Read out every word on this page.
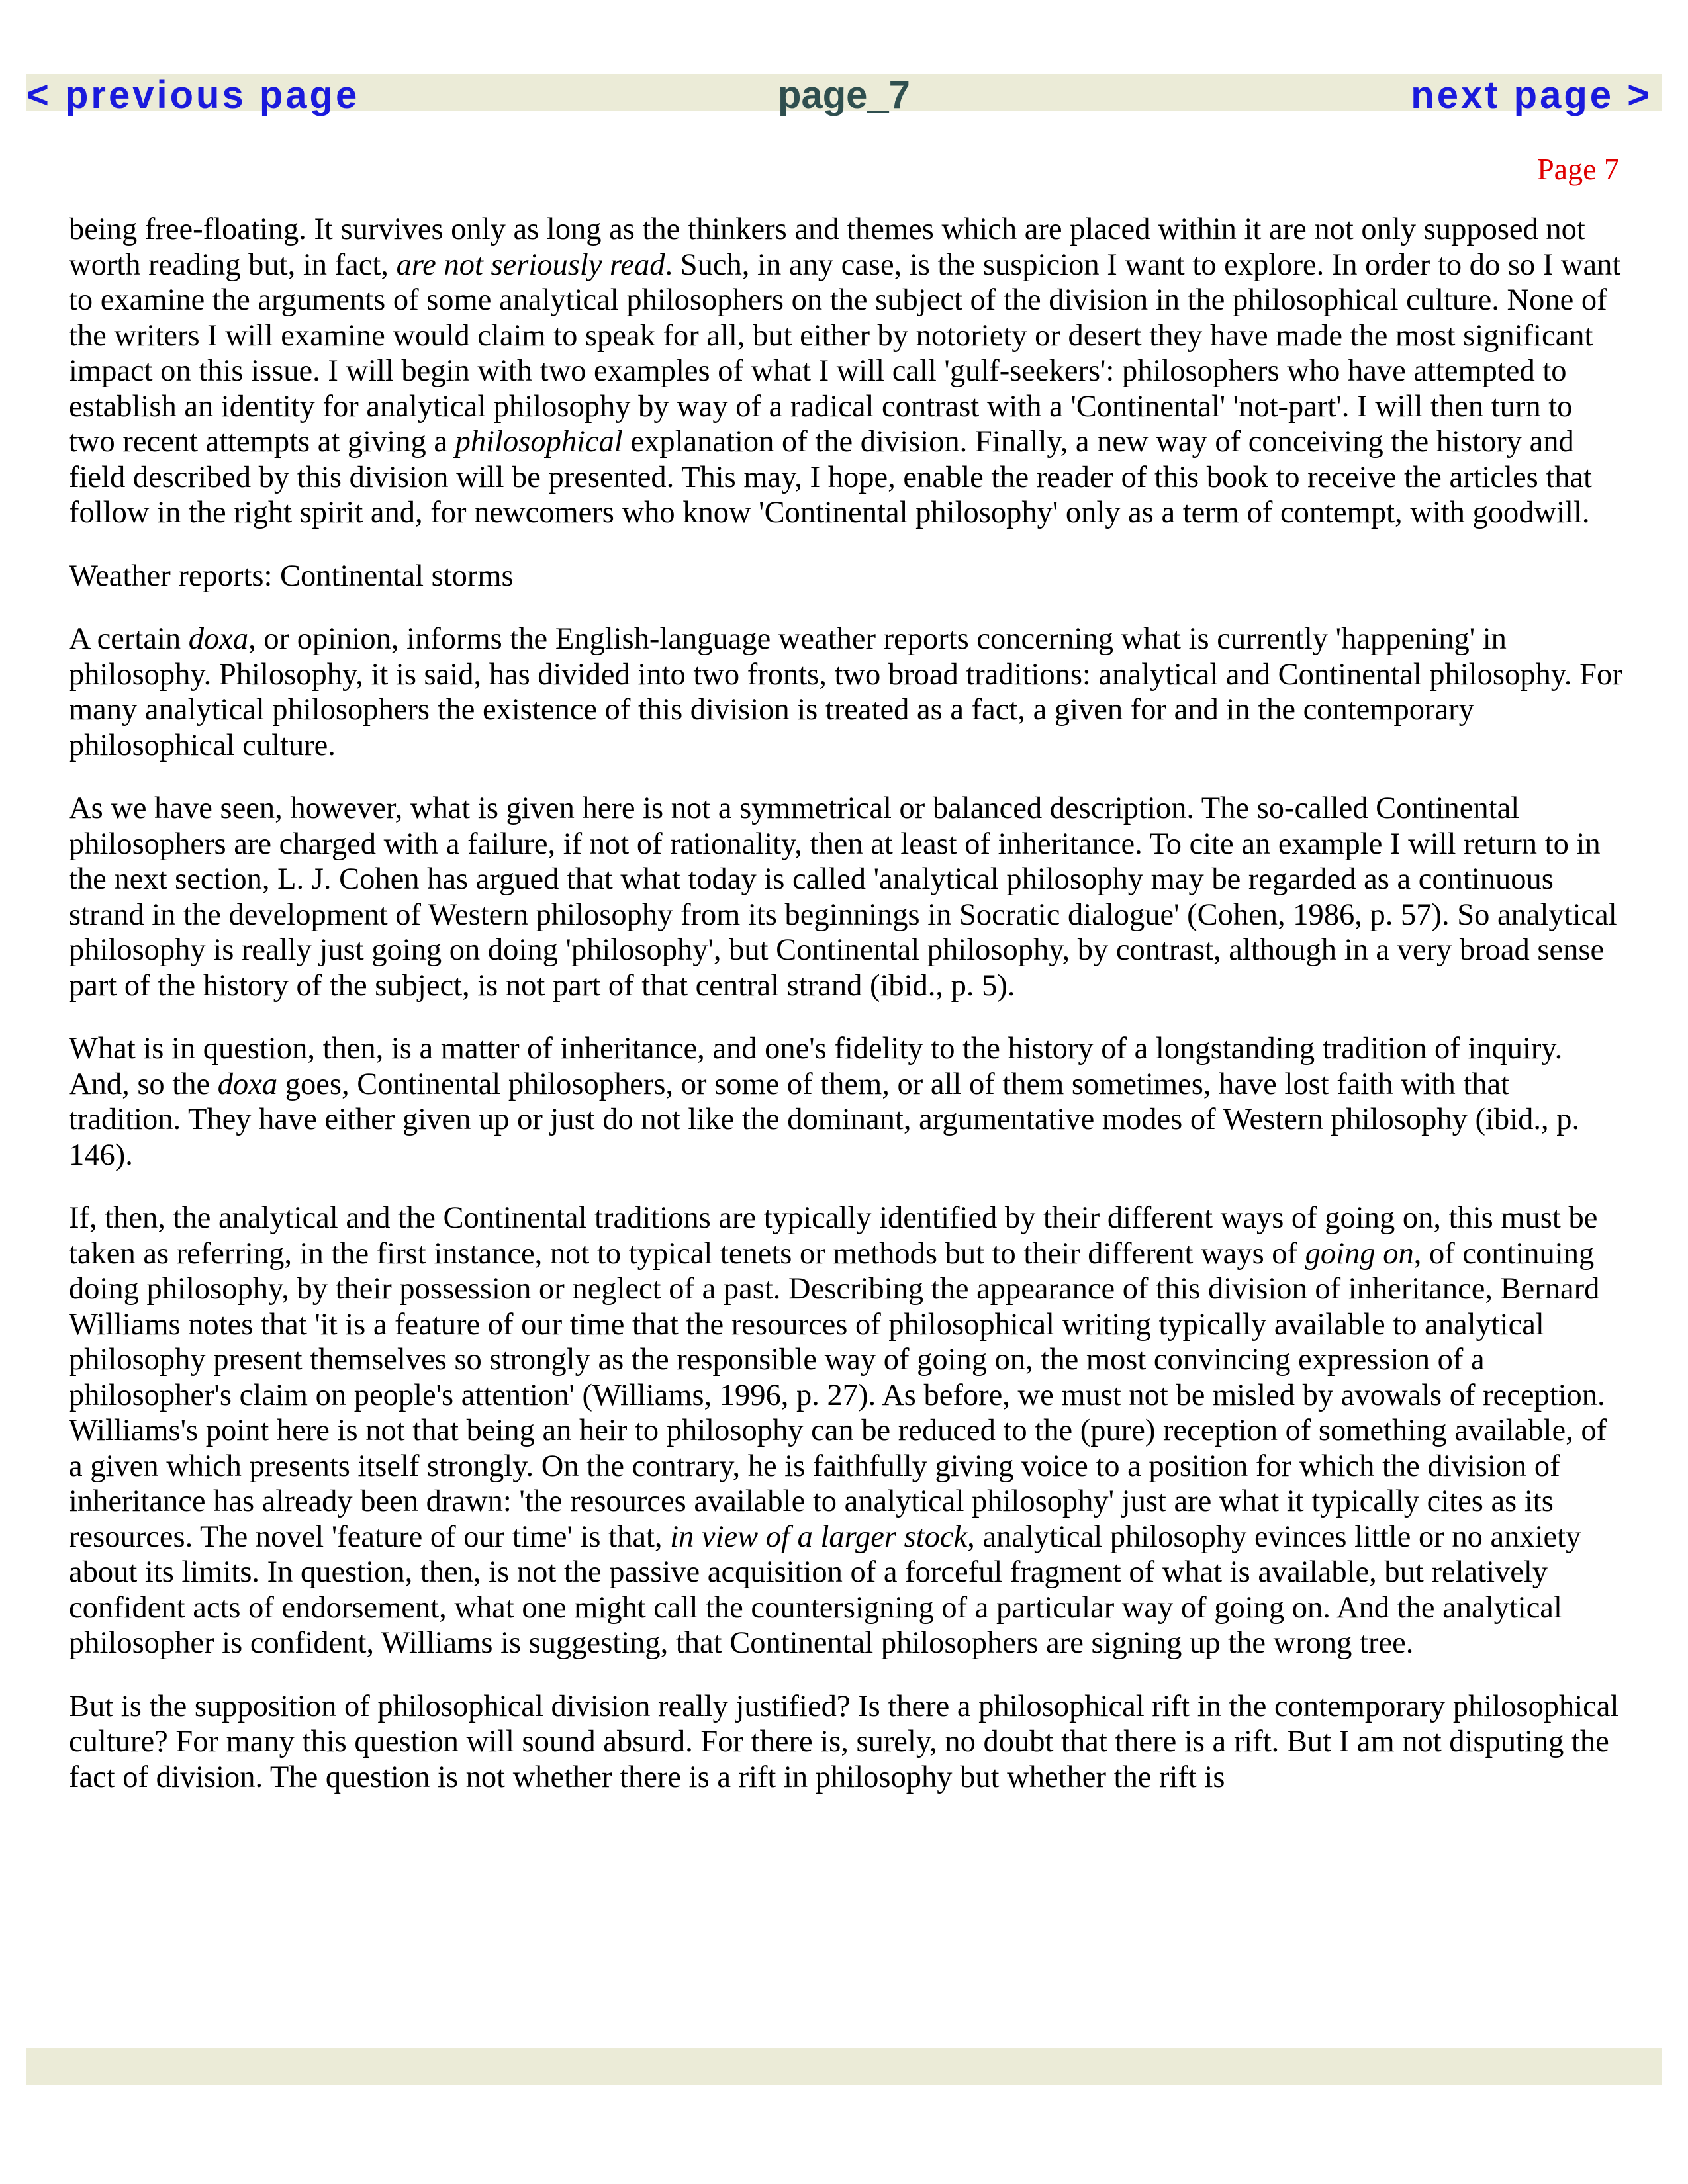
< previous page	page_7	next page >
Page 7

being free-floating. It survives only as long as the thinkers and themes which are placed within it are not only supposed not worth reading but, in fact, are not seriously read. Such, in any case, is the suspicion I want to explore. In order to do so I want to examine the arguments of some analytical philosophers on the subject of the division in the philosophical culture. None of the writers I will examine would claim to speak for all, but either by notoriety or desert they have made the most significant impact on this issue. I will begin with two examples of what I will call 'gulf-seekers': philosophers who have attempted to establish an identity for analytical philosophy by way of a radical contrast with a 'Continental' 'not-part'. I will then turn to two recent attempts at giving a philosophical explanation of the division. Finally, a new way of conceiving the history and field described by this division will be presented. This may, I hope, enable the reader of this book to receive the articles that follow in the right spirit and, for newcomers who know 'Continental philosophy' only as a term of contempt, with goodwill.

Weather reports: Continental storms

A certain doxa, or opinion, informs the English-language weather reports concerning what is currently 'happening' in philosophy. Philosophy, it is said, has divided into two fronts, two broad traditions: analytical and Continental philosophy. For many analytical philosophers the existence of this division is treated as a fact, a given for and in the contemporary philosophical culture.

As we have seen, however, what is given here is not a symmetrical or balanced description. The so-called Continental philosophers are charged with a failure, if not of rationality, then at least of inheritance. To cite an example I will return to in the next section, L. J. Cohen has argued that what today is called 'analytical philosophy may be regarded as a continuous strand in the development of Western philosophy from its beginnings in Socratic dialogue' (Cohen, 1986, p. 57). So analytical philosophy is really just going on doing 'philosophy', but Continental philosophy, by contrast, although in a very broad sense part of the history of the subject, is not part of that central strand (ibid., p. 5).

What is in question, then, is a matter of inheritance, and one's fidelity to the history of a longstanding tradition of inquiry. And, so the doxa goes, Continental philosophers, or some of them, or all of them sometimes, have lost faith with that tradition. They have either given up or just do not like the dominant, argumentative modes of Western philosophy (ibid., p. 146).

If, then, the analytical and the Continental traditions are typically identified by their different ways of going on, this must be taken as referring, in the first instance, not to typical tenets or methods but to their different ways of going on, of continuing doing philosophy, by their possession or neglect of a past. Describing the appearance of this division of inheritance, Bernard Williams notes that 'it is a feature of our time that the resources of philosophical writing typically available to analytical philosophy present themselves so strongly as the responsible way of going on, the most convincing expression of a philosopher's claim on people's attention' (Williams, 1996, p. 27). As before, we must not be misled by avowals of reception. Williams's point here is not that being an heir to philosophy can be reduced to the (pure) reception of something available, of a given which presents itself strongly. On the contrary, he is faithfully giving voice to a position for which the division of inheritance has already been drawn: 'the resources available to analytical philosophy' just are what it typically cites as its resources. The novel 'feature of our time' is that, in view of a larger stock, analytical philosophy evinces little or no anxiety about its limits. In question, then, is not the passive acquisition of a forceful fragment of what is available, but relatively confident acts of endorsement, what one might call the countersigning of a particular way of going on. And the analytical philosopher is confident, Williams is suggesting, that Continental philosophers are signing up the wrong tree.

But is the supposition of philosophical division really justified? Is there a philosophical rift in the contemporary philosophical culture? For many this question will sound absurd. For there is, surely, no doubt that there is a rift. But I am not disputing the fact of division. The question is not whether there is a rift in philosophy but whether the rift is
